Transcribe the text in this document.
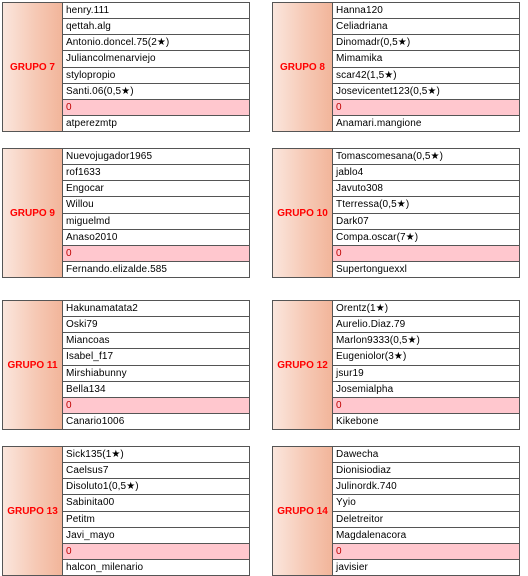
GRUPO 7
henry.111
qettah.alg
Antonio.doncel.75(2★)
Juliancolmenarviejo
stylopropio
Santi.06(0,5★)
0
atperezmtp
GRUPO 8
Hanna120
Celiadriana
Dinomadr(0,5★)
Mimamika
scar42(1,5★)
Josevicentet123(0,5★)
0
Anamari.mangione
GRUPO 9
Nuevojugador1965
rof1633
Engocar
Willou
miguelmd
Anaso2010
0
Fernando.elizalde.585
GRUPO 10
Tomascomesana(0,5★)
jablo4
Javuto308
Tterressa(0,5★)
Dark07
Compa.oscar(7★)
0
Supertonguexxl
GRUPO 11
Hakunamatata2
Oski79
Miancoas
Isabel_f17
Mirshiabunny
Bella134
0
Canario1006
GRUPO 12
Orentz(1★)
Aurelio.Diaz.79
Marlon9333(0,5★)
Eugeniolor(3★)
jsur19
Josemialpha
0
Kikebone
GRUPO 13
Sick135(1★)
Caelsus7
Disoluto1(0,5★)
Sabinita00
Petitm
Javi_mayo
0
halcon_milenario
GRUPO 14
Dawecha
Dionisiodiaz
Julinordk.740
Yyio
Deletreitor
Magdalenacora
0
javisier
